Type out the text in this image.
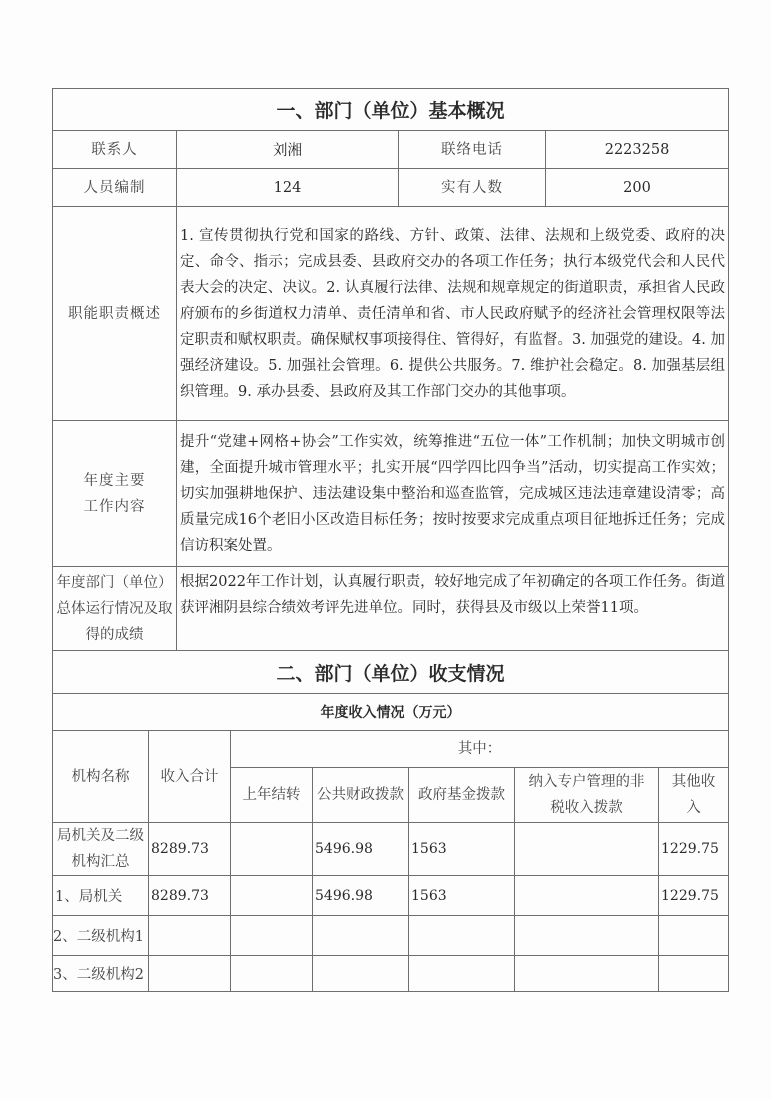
一、部门（单位）基本概况			
联系人	刘湘	联络电话	2223258
人员编制	124	实有人数	200
职能职责概述	1. 宣传贯彻执行党和国家的路线、方针、政策、法律、法规和上级党委、政府的决定、命令、指示；完成县委、县政府交办的各项工作任务；执行本级党代会和人民代表大会的决定、决议。2. 认真履行法律、法规和规章规定的街道职责，承担省人民政府颁布的乡街道权力清单、责任清单和省、市人民政府赋予的经济社会管理权限等法定职责和赋权职责。确保赋权事项接得住、管得好，有监督。3. 加强党的建设。4. 加强经济建设。5. 加强社会管理。6. 提供公共服务。7. 维护社会稳定。8. 加强基层组织管理。9. 承办县委、县政府及其工作部门交办的其他事项。		

年度主要
工作内容	提升“党建+网格+协会”工作实效，统筹推进“五位一体”工作机制；加快文明城市创建，全面提升城市管理水平；扎实开展“四学四比四争当”活动，切实提高工作实效；切实加强耕地保护、违法建设集中整治和巡查监管，完成城区违法违章建设清零；高质量完成16个老旧小区改造目标任务；按时按要求完成重点项目征地拆迁任务；完成信访积案处置。		
年度部门（单位）总体运行情况及取得的成绩	根据2022年工作计划，认真履行职责，较好地完成了年初确定的各项工作任务。街道获评湘阴县综合绩效考评先进单位。同时，获得县及市级以上荣誉11项。		
二、部门（单位）收支情况			
年度收入情况（万元）			
机构名称	收入合计	其中：				
		上年结转	公共财政拨款	政府基金拨款	纳入专户管理的非税收入拨款	其他收入
局机关及二级机构汇总	8289.73		5496.98	1563		1229.75
1、局机关	8289.73		5496.98	1563		1229.75
2、二级机构1						
3、二级机构2						
